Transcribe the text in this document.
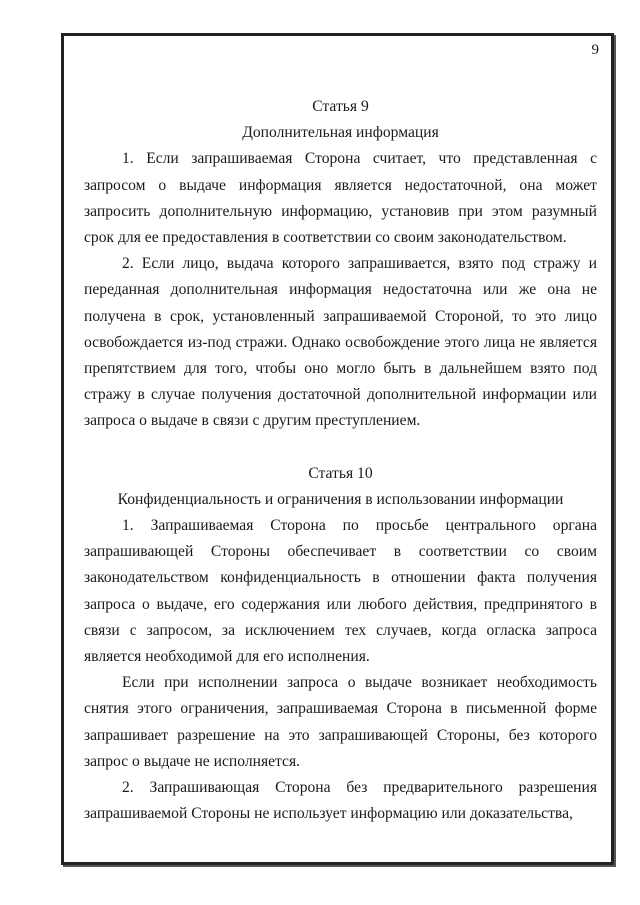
9

Статья 9

Дополнительная информация

1. Если запрашиваемая Сторона считает, что представленная с запросом о выдаче информация является недостаточной, она может запросить дополнительную информацию, установив при этом разумный срок для ее предоставления в соответствии со своим законодательством.

2. Если лицо, выдача которого запрашивается, взято под стражу и переданная дополнительная информация недостаточна или же она не получена в срок, установленный запрашиваемой Стороной, то это лицо освобождается из-под стражи. Однако освобождение этого лица не является препятствием для того, чтобы оно могло быть в дальнейшем взято под стражу в случае получения достаточной дополнительной информации или запроса о выдаче в связи с другим преступлением.

Статья 10

Конфиденциальность и ограничения в использовании информации

1. Запрашиваемая Сторона по просьбе центрального органа запрашивающей Стороны обеспечивает в соответствии со своим законодательством конфиденциальность в отношении факта получения запроса о выдаче, его содержания или любого действия, предпринятого в связи с запросом, за исключением тех случаев, когда огласка запроса является необходимой для его исполнения.

Если при исполнении запроса о выдаче возникает необходимость снятия этого ограничения, запрашиваемая Сторона в письменной форме запрашивает разрешение на это запрашивающей Стороны, без которого запрос о выдаче не исполняется.

2. Запрашивающая Сторона без предварительного разрешения запрашиваемой Стороны не использует информацию или доказательства,
